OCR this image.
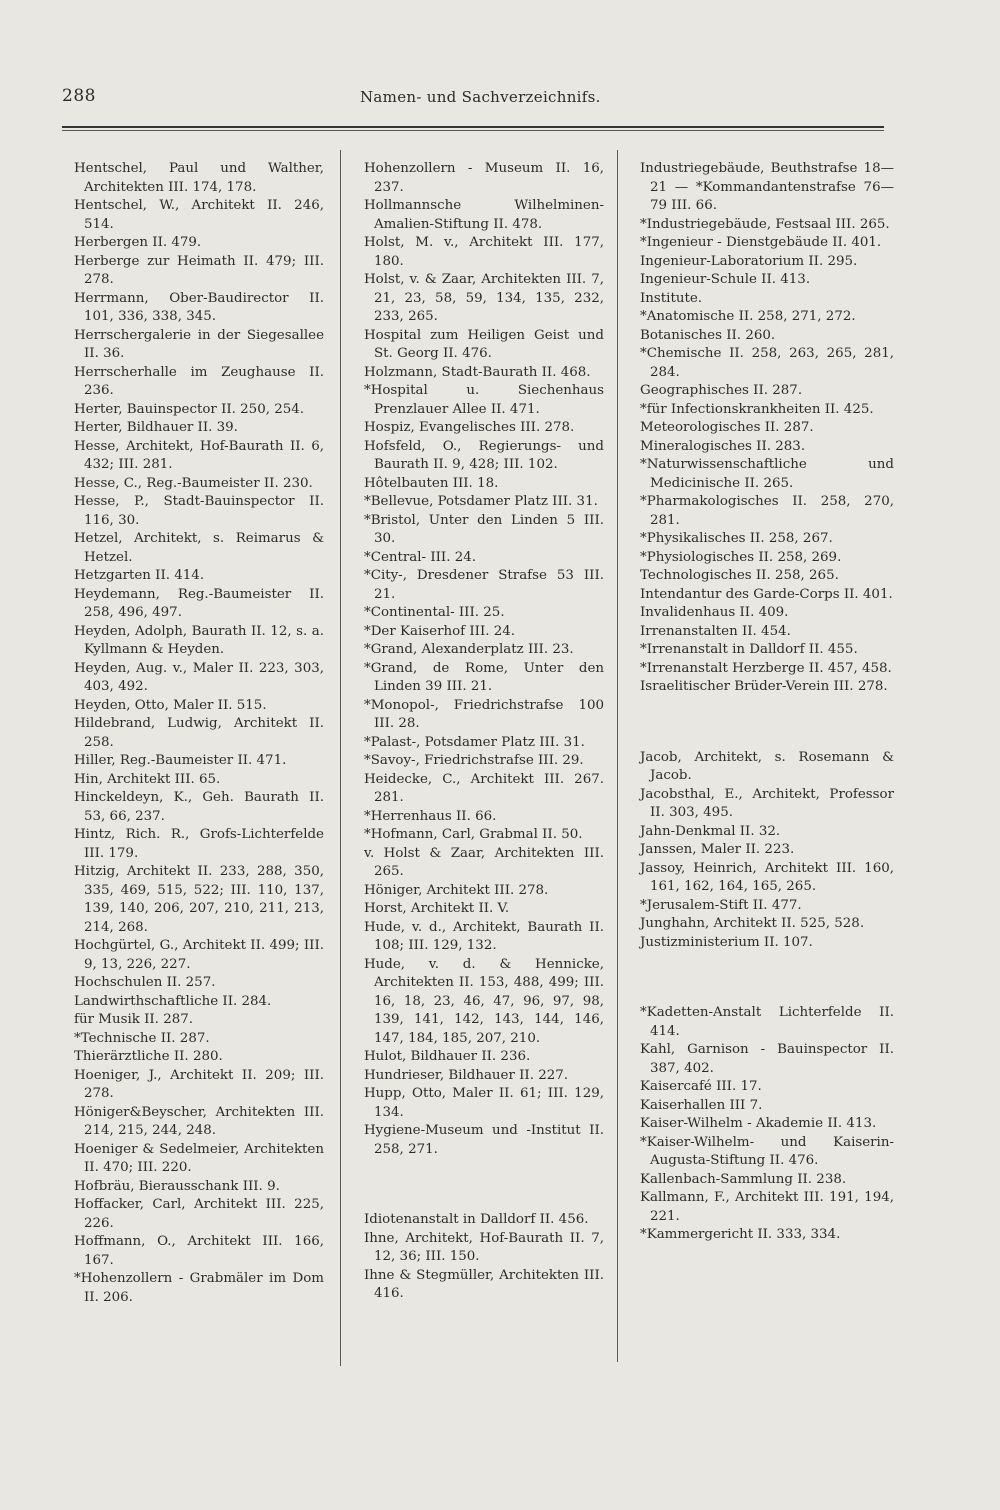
288	Namen- und Sachverzeichnifs.

Hentschel, Paul und Walther, Architekten III. 174, 178.

Hentschel, W., Architekt II. 246, 514.

Herbergen II. 479.

Herberge zur Heimath II. 479; III. 278.

Herrmann, Ober-Baudirector II. 101, 336, 338, 345.

Herrschergalerie in der Siegesallee II. 36.

Herrscherhalle im Zeughause II. 236.

Herter, Bauinspector II. 250, 254.

Herter, Bildhauer II. 39.

Hesse, Architekt, Hof-Baurath II. 6, 432; III. 281.

Hesse, C., Reg.-Baumeister II. 230.

Hesse, P., Stadt-Bauinspector II. 116, 30.

Hetzel, Architekt, s. Reimarus & Hetzel.

Hetzgarten II. 414.

Heydemann, Reg.-Baumeister II. 258, 496, 497.

Heyden, Adolph, Baurath II. 12, s. a. Kyllmann & Heyden.

Heyden, Aug. v., Maler II. 223, 303, 403, 492.

Heyden, Otto, Maler II. 515.

Hildebrand, Ludwig, Architekt II. 258.

Hiller, Reg.-Baumeister II. 471.

Hin, Architekt III. 65.

Hinckeldeyn, K., Geh. Baurath II. 53, 66, 237.

Hintz, Rich. R., Grofs-Lichterfelde III. 179.

Hitzig, Architekt II. 233, 288, 350, 335, 469, 515, 522; III. 110, 137, 139, 140, 206, 207, 210, 211, 213, 214, 268.

Hochgürtel, G., Architekt II. 499; III. 9, 13, 226, 227.

Hochschulen II. 257.

Landwirthschaftliche II. 284.

für Musik II. 287.

*Technische II. 287.

Thierärztliche II. 280.

Hoeniger, J., Architekt II. 209; III. 278.

Höniger&Beyscher, Architekten III. 214, 215, 244, 248.

Hoeniger & Sedelmeier, Architekten II. 470; III. 220.

Hofbräu, Bierausschank III. 9.

Hoffacker, Carl, Architekt III. 225, 226.

Hoffmann, O., Architekt III. 166, 167.

*Hohenzollern - Grabmäler im Dom II. 206.

Hohenzollern - Museum II. 16, 237.

Hollmannsche Wilhelminen-Amalien-Stiftung II. 478.

Holst, M. v., Architekt III. 177, 180.

Holst, v. & Zaar, Architekten III. 7, 21, 23, 58, 59, 134, 135, 232, 233, 265.

Hospital zum Heiligen Geist und St. Georg II. 476.

Holzmann, Stadt-Baurath II. 468.

*Hospital u. Siechenhaus Prenzlauer Allee II. 471.

Hospiz, Evangelisches III. 278.

Hofsfeld, O., Regierungs- und Baurath II. 9, 428; III. 102.

Hôtelbauten III. 18.

*Bellevue, Potsdamer Platz III. 31.

*Bristol, Unter den Linden 5 III. 30.

*Central- III. 24.

*City-, Dresdener Strafse 53 III. 21.

*Continental- III. 25.

*Der Kaiserhof III. 24.

*Grand, Alexanderplatz III. 23.

*Grand, de Rome, Unter den Linden 39 III. 21.

*Monopol-, Friedrichstrafse 100 III. 28.

*Palast-, Potsdamer Platz III. 31.

*Savoy-, Friedrichstrafse III. 29.

Heidecke, C., Architekt III. 267. 281.

*Herrenhaus II. 66.

*Hofmann, Carl, Grabmal II. 50.

v. Holst & Zaar, Architekten III. 265.

Höniger, Architekt III. 278.

Horst, Architekt II. V.

Hude, v. d., Architekt, Baurath II. 108; III. 129, 132.

Hude, v. d. & Hennicke, Architekten II. 153, 488, 499; III. 16, 18, 23, 46, 47, 96, 97, 98, 139, 141, 142, 143, 144, 146, 147, 184, 185, 207, 210.

Hulot, Bildhauer II. 236.

Hundrieser, Bildhauer II. 227.

Hupp, Otto, Maler II. 61; III. 129, 134.

Hygiene-Museum und -Institut II. 258, 271.

Idiotenanstalt in Dalldorf II. 456.

Ihne, Architekt, Hof-Baurath II. 7, 12, 36; III. 150.

Ihne & Stegmüller, Architekten III. 416.

Industriegebäude, Beuthstrafse 18—21 — *Kommandantenstrafse 76—79 III. 66.

*Industriegebäude, Festsaal III. 265.

*Ingenieur - Dienstgebäude II. 401.

Ingenieur-Laboratorium II. 295.

Ingenieur-Schule II. 413.

Institute.

*Anatomische II. 258, 271, 272.

Botanisches II. 260.

*Chemische II. 258, 263, 265, 281, 284.

Geographisches II. 287.

*für Infectionskrankheiten II. 425.

Meteorologisches II. 287.

Mineralogisches II. 283.

*Naturwissenschaftliche und Medicinische II. 265.

*Pharmakologisches II. 258, 270, 281.

*Physikalisches II. 258, 267.

*Physiologisches II. 258, 269.

Technologisches II. 258, 265.

Intendantur des Garde-Corps II. 401.

Invalidenhaus II. 409.

Irrenanstalten II. 454.

*Irrenanstalt in Dalldorf II. 455.

*Irrenanstalt Herzberge II. 457, 458.

Israelitischer Brüder-Verein III. 278.

Jacob, Architekt, s. Rosemann & Jacob.

Jacobsthal, E., Architekt, Professor II. 303, 495.

Jahn-Denkmal II. 32.

Janssen, Maler II. 223.

Jassoy, Heinrich, Architekt III. 160, 161, 162, 164, 165, 265.

*Jerusalem-Stift II. 477.

Junghahn, Architekt II. 525, 528.

Justizministerium II. 107.

*Kadetten-Anstalt Lichterfelde II. 414.

Kahl, Garnison - Bauinspector II. 387, 402.

Kaisercafé III. 17.

Kaiserhallen III 7.

Kaiser-Wilhelm - Akademie II. 413.

*Kaiser-Wilhelm- und Kaiserin-Augusta-Stiftung II. 476.

Kallenbach-Sammlung II. 238.

Kallmann, F., Architekt III. 191, 194, 221.

*Kammergericht II. 333, 334.
